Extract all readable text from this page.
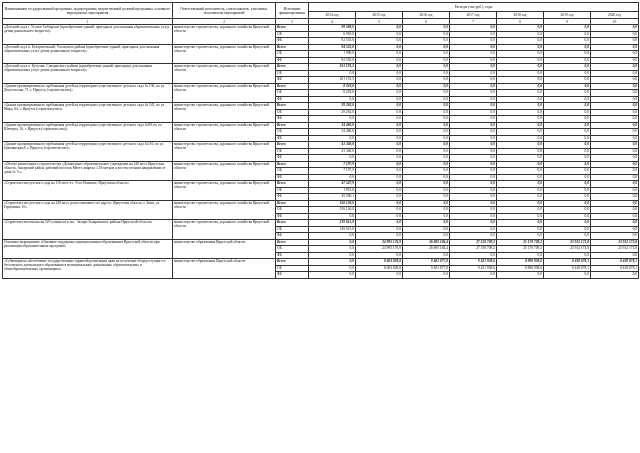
Наименование государственной программы, подпрограммы, ведомственной целевой программы, основного мероприятия, мероприятия	Ответственный исполнитель, соисполнитель, участники, исполнители мероприятий	Источники финансирования	Расходы (тыс.руб.), годы						
			2014 год	2015 год	2016 год	2017 год	2018 год	2019 год	2020 год
1	2	3	4	5	6	7	8	9	10
«Детский сад в г. Усолье-Сибирское (приобретение зданий, пригодных для оказания образовательных услуг детям дошкольного возраста)»	министерство строительства, дорожного хозяйства Иркутской области	Всего	99 580,0	0,0	0,0	0,0	0,0	0,0	0,0
		ОБ	6 965,0	0,0	0,0	0,0	0,0	0,0	0,0
		ФБ	92 535,0	0,0	0,0	0,0	0,0	0,0	0,0
«Детский сад в п. Белореченский, Усольского района (приобретение зданий, пригодных для оказания образовательных услуг детям дошкольного возраста)»	министерство строительства, дорожного хозяйства Иркутской области	Всего	94 525,0	0,0	0,0	0,0	0,0	0,0	0,0
		ОБ	1 990,0	0,0	0,0	0,0	0,0	0,0	0,0
		ФБ	92 535,0	0,0	0,0	0,0	0,0	0,0	0,0
«Детский сад в п. Кутулик, Слюдянского района (приобретение зданий, пригодных для оказания образовательных услуг детям дошкольного возраста)»	министерство строительства, дорожного хозяйства Иркутской области	Всего	101 191,5	0,0	0,0	0,0	0,0	0,0	0,0
		ОБ	0,0	0,0	0,0	0,0	0,0	0,0	0,0
		ФБ	101 191,5	0,0	0,0	0,0	0,0	0,0	0,0
«Здание кратковременного пребывания детей на территории существующего детского сада № 136, по ул. Депутатская, 71, г. Иркутск (строительство)»	министерство строительства, дорожного хозяйства Иркутской области	Всего	8 218,0	0,0	0,0	0,0	0,0	0,0	0,0
		ОБ	8 218,0	0,0	0,0	0,0	0,0	0,0	0,0
		ФБ	0,0	0,0	0,0	0,0	0,0	0,0	0,0
«Здание кратковременного пребывания детей на территории существующего детского сада № 145, по ул. Мира, 64, г. Иркутск (строительство)»	министерство строительства, дорожного хозяйства Иркутской области	Всего	29 262,0	0,0	0,0	0,0	0,0	0,0	0,0
		ОБ	29 262,0	0,0	0,0	0,0	0,0	0,0	0,0
		ФБ	0,0	0,0	0,0	0,0	0,0	0,0	0,0
«Здание кратковременного пребывания детей на территории существующего детского сада №90, по ул. Шевчука, 16, г. Иркутск (строительство)»	министерство строительства, дорожного хозяйства Иркутской области	Всего	34 460,0	0,0	0,0	0,0	0,0	0,0	0,0
		ОБ	34 460,0	0,0	0,0	0,0	0,0	0,0	0,0
		ФБ	0,0	0,0	0,0	0,0	0,0	0,0	0,0
«Здание кратковременного пребывания детей на территории существующего детского сада №116, по ул. Цимлянская,8, г. Иркутск (строительство)»	министерство строительства, дорожного хозяйства Иркутской области	Всего	41 340,0	0,0	0,0	0,0	0,0	0,0	0,0
		ОБ	41 340,0	0,0	0,0	0,0	0,0	0,0	0,0
		ФБ	0,0	0,0	0,0	0,0	0,0	0,0	0,0
«Объект капитального строительства «Дошкольное образовательное учреждение на 240 мест Иркутская область, Ангарский район, рабочий поселок Мегет, квартал 1,56 метров к юго-восточном направлении от дома № 7»»	министерство строительства, дорожного хозяйства Иркутской области	Всего	7 197,9	0,0	0,0	0,0	0,0	0,0	0,0
		ОБ	7 197,9	0,0	0,0	0,0	0,0	0,0	0,0
		ФБ	0,0	0,0	0,0	0,0	0,0	0,0	0,0
«Строительство детского сада на 110 мест в г. Усть-Илимске, Иркутская область»	министерство строительства, дорожного хозяйства Иркутской области	Всего	47 547,9	0,0	0,0	0,0	0,0	0,0	0,0
		ОБ	1 951,8	0,0	0,0	0,0	0,0	0,0	0,0
		ФБ	45 596,1	0,0	0,0	0,0	0,0	0,0	0,0
«Строительство детского сада на 240 мест, расположенного по адресу: Иркутская область, г. Зима, ул. Герцовича, 10»	министерство строительства, дорожного хозяйства Иркутской области	Всего	156 126,0	0,0	0,0	0,0	0,0	0,0	0,0
		ОБ	156 126,0	0,0	0,0	0,0	0,0	0,0	0,0
		ФБ	0,0	0,0	0,0	0,0	0,0	0,0	0,0
«Строительство школы на 520 учащихся в пос. Залари Заларинского района Иркутской области»	министерство строительства, дорожного хозяйства Иркутской области	Всего	139 615,8	0,0	0,0	0,0	0,0	0,0	0,0
		ОБ	139 615,8	0,0	0,0	0,0	0,0	0,0	0,0
		ФБ	0,0	0,0	0,0	0,0	0,0	0,0	0,0
Основное мероприятие «Оказание поддержки муниципальным образованиям Иркутской области при реализации образовательных программ»	министерство образования Иркутской области	Всего	0,0	24 995 176,9	26 695 184,4	27 150 709,2	25 178 709,2	23 912 173,8	23 912 173,8
		ОБ	0,0	24 995 176,9	26 695 184,4	27 150 709,2	25 170 709,2	23 912 173,8	23 912 173,8
		ФБ	0,0	0,0	0,0	0,0	0,0	0,0	0,0
«Субвенция на обеспечение государственных гарантий реализации прав на получение общедоступного и бесплатного дошкольного образования в муниципальных дошкольных образовательных и общеобразовательных организациях»	министерство образования Иркутской области	Всего	0,0	8 603 828,8	9 481 877,8	9 421 938,6	8 890 938,6	8 438 878,1	8 438 878,1
		ОБ	0,0	8 603 828,8	9 481 877,8	9 421 938,6	8 890 938,6	8 438 878,1	8 438 878,1
		ФБ	0,0	0,0	0,0	0,0	0,0	0,0	0,0
